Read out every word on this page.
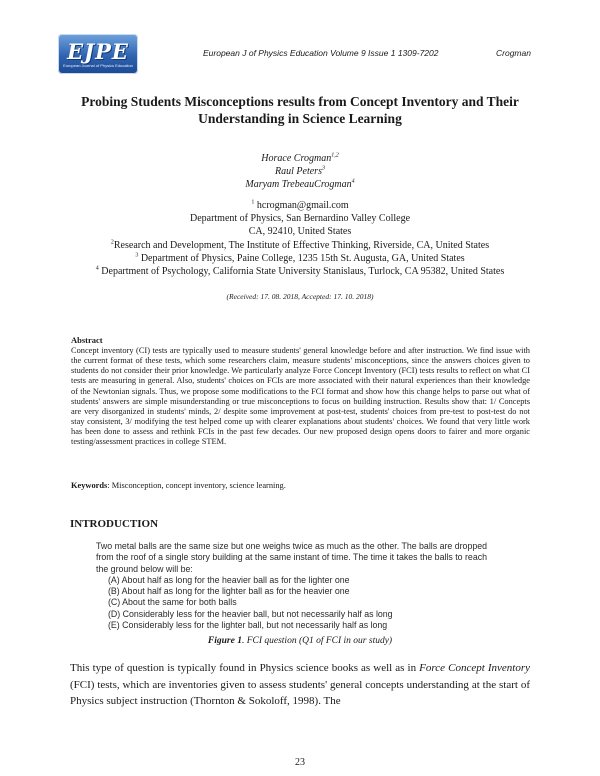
EJPE
European Journal of Physics Education
European J of Physics Education Volume 9 Issue 1 1309-7202	Crogman
Probing Students Misconceptions results from Concept Inventory and Their Understanding in Science Learning
Horace Crogman$^{1,2}$
Raul Peters$^3$
Maryam TrebeauCrogman$^4$
$^1$ hcrogman@gmail.com
Department of Physics, San Bernardino Valley College
CA, 92410, United States
$^2$Research and Development, The Institute of Effective Thinking, Riverside, CA, United States
$^3$ Department of Physics, Paine College, 1235 15th St. Augusta, GA, United States
$^4$ Department of Psychology, California State University Stanislaus, Turlock, CA 95382, United States
(Received: 17. 08. 2018, Accepted: 17. 10. 2018)
Abstract
Concept inventory (CI) tests are typically used to measure students' general knowledge before and after instruction. We find issue with the current format of these tests, which some researchers claim, measure students' misconceptions, since the answers choices given to students do not consider their prior knowledge. We particularly analyze Force Concept Inventory (FCI) tests results to reflect on what CI tests are measuring in general. Also, students' choices on FCIs are more associated with their natural experiences than their knowledge of the Newtonian signals. Thus, we propose some modifications to the FCI format and show how this change helps to parse out what of students' answers are simple misunderstanding or true misconceptions to focus on building instruction. Results show that: 1/ Concepts are very disorganized in students' minds, 2/ despite some improvement at post-test, students' choices from pre-test to post-test do not stay consistent, 3/ modifying the test helped come up with clearer explanations about students' choices. We found that very little work has been done to assess and rethink FCIs in the past few decades. Our new proposed design opens doors to fairer and more organic testing/assessment practices in college STEM.
Keywords: Misconception, concept inventory, science learning.
INTRODUCTION
Two metal balls are the same size but one weighs twice as much as the other. The balls are dropped
from the roof of a single story building at the same instant of time. The time it takes the balls to reach
the ground below will be:
(A) About half as long for the heavier ball as for the lighter one
(B) About half as long for the lighter ball as for the heavier one
(C) About the same for both balls
(D) Considerably less for the heavier ball, but not necessarily half as long
(E) Considerably less for the lighter ball, but not necessarily half as long
Figure 1. FCI question (Q1 of FCI in our study)
This type of question is typically found in Physics science books as well as in Force Concept Inventory (FCI) tests, which are inventories given to assess students' general concepts understanding at the start of Physics subject instruction (Thornton & Sokoloff, 1998). The
23
